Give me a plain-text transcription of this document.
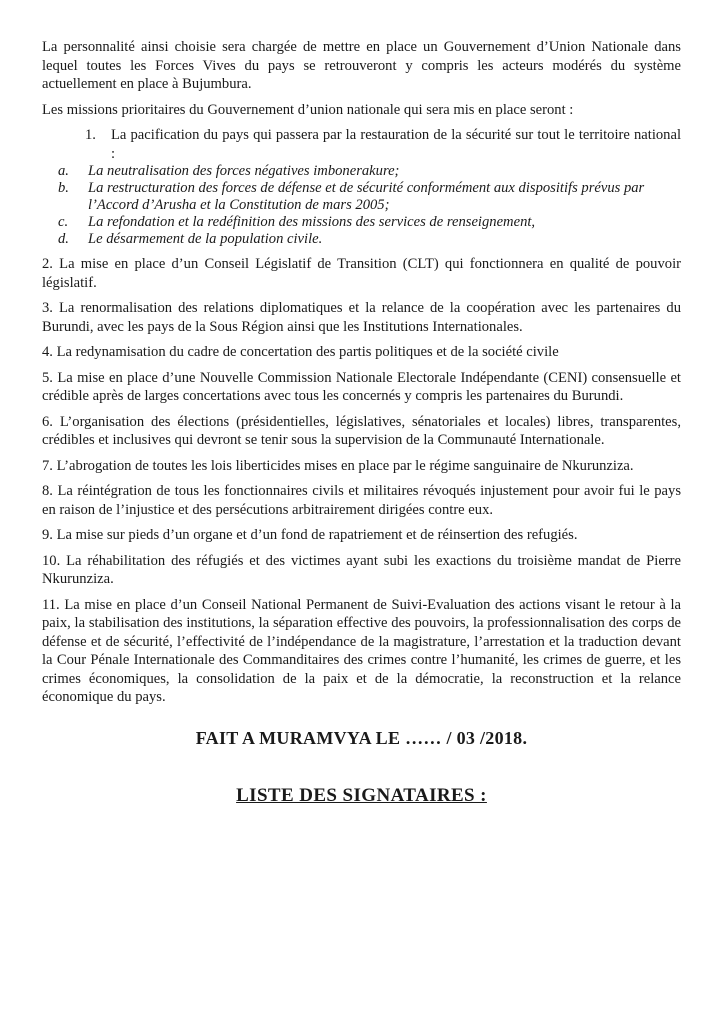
La personnalité ainsi choisie sera chargée de mettre en place un Gouvernement d’Union Nationale dans lequel toutes les Forces Vives du pays se retrouveront y compris les acteurs modérés du système actuellement en place à Bujumbura.

Les missions prioritaires du Gouvernement d’union nationale qui sera mis en place seront :

1.	La pacification du pays qui passera par la restauration de la sécurité sur tout le territoire national :
a.	La neutralisation des forces négatives imbonerakure;
b.	La restructuration des forces de défense et de sécurité conformément aux dispositifs prévus par l’Accord d’Arusha et la Constitution de mars 2005;
c.	La refondation et la redéfinition des missions des services de renseignement,
d.	Le désarmement de la population civile.

2. La mise en place d’un Conseil Législatif de Transition (CLT) qui fonctionnera en qualité de pouvoir législatif.

3. La renormalisation des relations diplomatiques et la relance de la coopération avec les partenaires du Burundi, avec les pays de la Sous Région ainsi que les Institutions Internationales.

4. La redynamisation du cadre de concertation des partis politiques et de la société civile

5. La mise en place d’une Nouvelle Commission Nationale Electorale Indépendante (CENI) consensuelle et crédible après de larges concertations avec tous les concernés y compris les partenaires du Burundi.

6. L’organisation des élections (présidentielles, législatives, sénatoriales et locales) libres, transparentes, crédibles et inclusives qui devront se tenir sous la supervision de la Communauté Internationale.

7. L’abrogation de toutes les lois liberticides mises en place par le régime sanguinaire de Nkurunziza.

8. La réintégration de tous les fonctionnaires civils et militaires révoqués injustement pour avoir fui le pays en raison de l’injustice et des persécutions arbitrairement dirigées contre eux.

9. La mise sur pieds d’un organe et d’un fond de rapatriement et de réinsertion des refugiés.

10. La réhabilitation des réfugiés et des victimes ayant subi les exactions du troisième mandat de Pierre Nkurunziza.

11. La mise en place d’un Conseil National Permanent de Suivi-Evaluation des actions visant le retour à la paix, la stabilisation des institutions, la séparation effective des pouvoirs, la professionnalisation des corps de défense et de sécurité, l’effectivité de l’indépendance de la magistrature, l’arrestation et la traduction devant la Cour Pénale Internationale des Commanditaires des crimes contre l’humanité, les crimes de guerre, et les crimes économiques, la consolidation de la paix et de la démocratie, la reconstruction et la relance économique du pays.

FAIT A MURAMVYA LE …… / 03 /2018.

LISTE DES SIGNATAIRES :
